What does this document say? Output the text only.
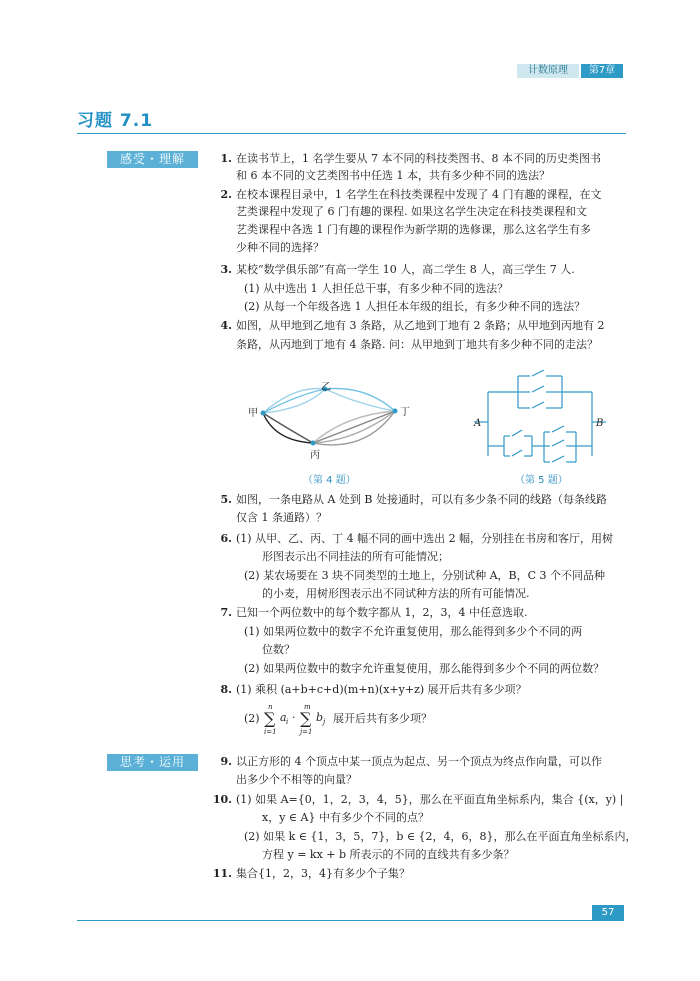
计数原理	第7章
习题 7.1
感受・理解	1. 在读书节上，1 名学生要从 7 本不同的科技类图书、8 本不同的历史类图书
和 6 本不同的文艺类图书中任选 1 本，共有多少种不同的选法？
2. 在校本课程目录中，1 名学生在科技类课程中发现了 4 门有趣的课程，在文
艺类课程中发现了 6 门有趣的课程. 如果这名学生决定在科技类课程和文
艺类课程中各选 1 门有趣的课程作为新学期的选修课，那么这名学生有多
少种不同的选择？
3. 某校“数学俱乐部”有高一学生 10 人，高二学生 8 人，高三学生 7 人.
(1) 从中选出 1 人担任总干事，有多少种不同的选法？
(2) 从每一个年级各选 1 人担任本年级的组长，有多少种不同的选法？
4. 如图，从甲地到乙地有 3 条路，从乙地到丁地有 2 条路；从甲地到丙地有 2
条路，从丙地到丁地有 4 条路. 问：从甲地到丁地共有多少种不同的走法？
甲
乙
丙
丁
（第 4 题）
A	B
（第 5 题）
5. 如图，一条电路从 A 处到 B 处接通时，可以有多少条不同的线路（每条线路
仅含 1 条通路）？
6. (1) 从甲、乙、丙、丁 4 幅不同的画中选出 2 幅，分别挂在书房和客厅，用树
形图表示出不同挂法的所有可能情况；
(2) 某农场要在 3 块不同类型的土地上，分别试种 A，B，C 3 个不同品种
的小麦，用树形图表示出不同试种方法的所有可能情况.
7. 已知一个两位数中的每个数字都从 1，2，3，4 中任意选取.
(1) 如果两位数中的数字不允许重复使用，那么能得到多少个不同的两
位数？
(2) 如果两位数中的数字允许重复使用，那么能得到多少个不同的两位数？
8. (1) 乘积 (a+b+c+d)(m+n)(x+y+z) 展开后共有多少项？
(2)
n
∑
i=1
a i ·
m
∑
j=1
b j 展开后共有多少项？
思考・运用	9. 以正方形的 4 个顶点中某一顶点为起点、另一个顶点为终点作向量，可以作
出多少个不相等的向量？
10. (1) 如果 A={0，1，2，3，4，5}，那么在平面直角坐标系内，集合 {(x，y) |
x，y ∈ A} 中有多少个不同的点？
(2) 如果 k ∈ {1，3，5，7}，b ∈ {2，4，6，8}，那么在平面直角坐标系内，
方程 y = kx + b 所表示的不同的直线共有多少条？
11. 集合{1，2，3，4}有多少个子集？
57
